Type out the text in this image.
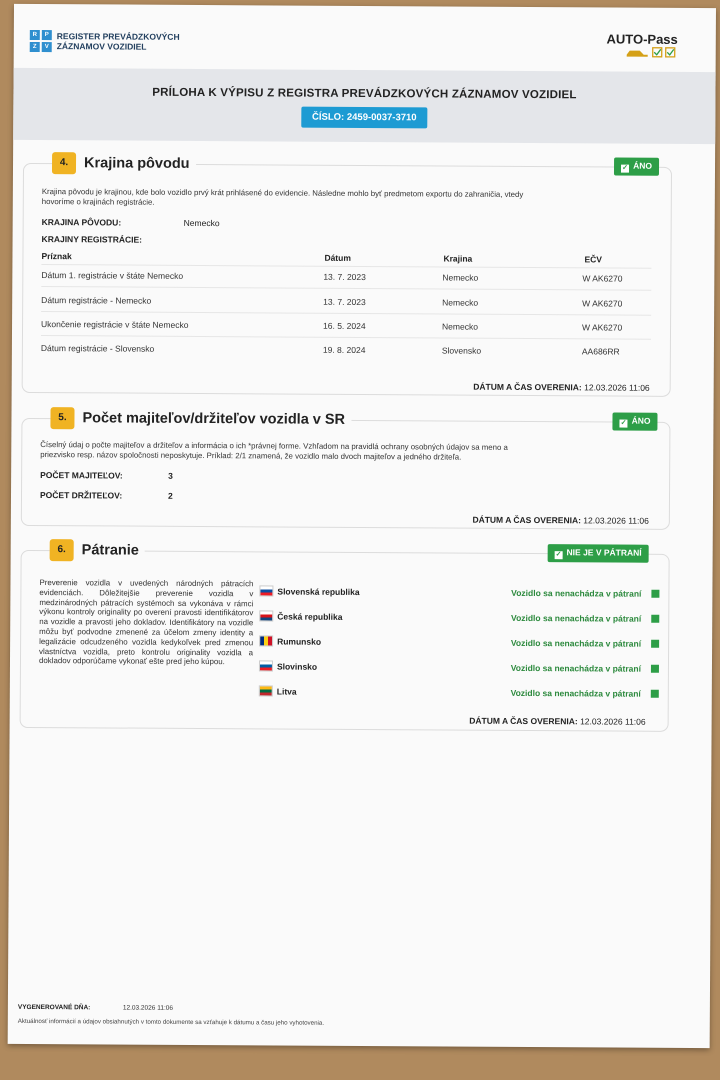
R	P
Z	V
REGISTER PREVÁDZKOVÝCH
ZÁZNAMOV VOZIDIEL	AUTO-Pass
PRÍLOHA K VÝPISU Z REGISTRA PREVÁDZKOVÝCH ZÁZNAMOV VOZIDIEL
ČÍSLO: 2459-0037-3710
4.	Krajina pôvodu	✓ ÁNO
Krajina pôvodu je krajinou, kde bolo vozidlo prvý krát prihlásené do evidencie. Následne mohlo byť predmetom exportu do zahraničia, vtedy
hovoríme o krajinách registrácie.
KRAJINA PÔVODU:	Nemecko
KRAJINY REGISTRÁCIE:
Príznak	Dátum	Krajina	EČV
Dátum 1. registrácie v štáte Nemecko	13. 7. 2023	Nemecko	W AK6270
Dátum registrácie - Nemecko	13. 7. 2023	Nemecko	W AK6270
Ukončenie registrácie v štáte Nemecko	16. 5. 2024	Nemecko	W AK6270
Dátum registrácie - Slovensko	19. 8. 2024	Slovensko	AA686RR
DÁTUM A ČAS OVERENIA: 12.03.2026 11:06
5.	Počet majiteľov/držiteľov vozidla v SR	✓ ÁNO
Číselný údaj o počte majiteľov a držiteľov a informácia o ich *právnej forme. Vzhľadom na pravidlá ochrany osobných údajov sa meno a
priezvisko resp. názov spoločnosti neposkytuje. Príklad: 2/1 znamená, že vozidlo malo dvoch majiteľov a jedného držiteľa.
POČET MAJITEĽOV:	3
POČET DRŽITEĽOV:	2
DÁTUM A ČAS OVERENIA: 12.03.2026 11:06
6.	Pátranie	✓ NIE JE V PÁTRANÍ
Preverenie vozidla v uvedených národných pátracích evidenciách. Dôležitejšie preverenie vozidla v medzinárodných pátracích systémoch sa vykonáva v rámci výkonu kontroly originality po overení pravosti identifikátorov na vozidle a pravosti jeho dokladov. Identifikátory na vozidle môžu byť podvodne zmenené za účelom zmeny identity a legalizácie odcudzeného vozidla kedykoľvek pred zmenou vlastníctva vozidla, preto kontrolu originality vozidla a dokladov odporúčame vykonať ešte pred jeho kúpou.
Slovenská republika	Vozidlo sa nenachádza v pátraní
Česká republika	Vozidlo sa nenachádza v pátraní
Rumunsko	Vozidlo sa nenachádza v pátraní
Slovinsko	Vozidlo sa nenachádza v pátraní
Litva	Vozidlo sa nenachádza v pátraní
DÁTUM A ČAS OVERENIA: 12.03.2026 11:06
VYGENEROVANÉ DŇA:	12.03.2026 11:06
Aktuálnosť informácií a údajov obsiahnutých v tomto dokumente sa vzťahuje k dátumu a času jeho vyhotovenia.
